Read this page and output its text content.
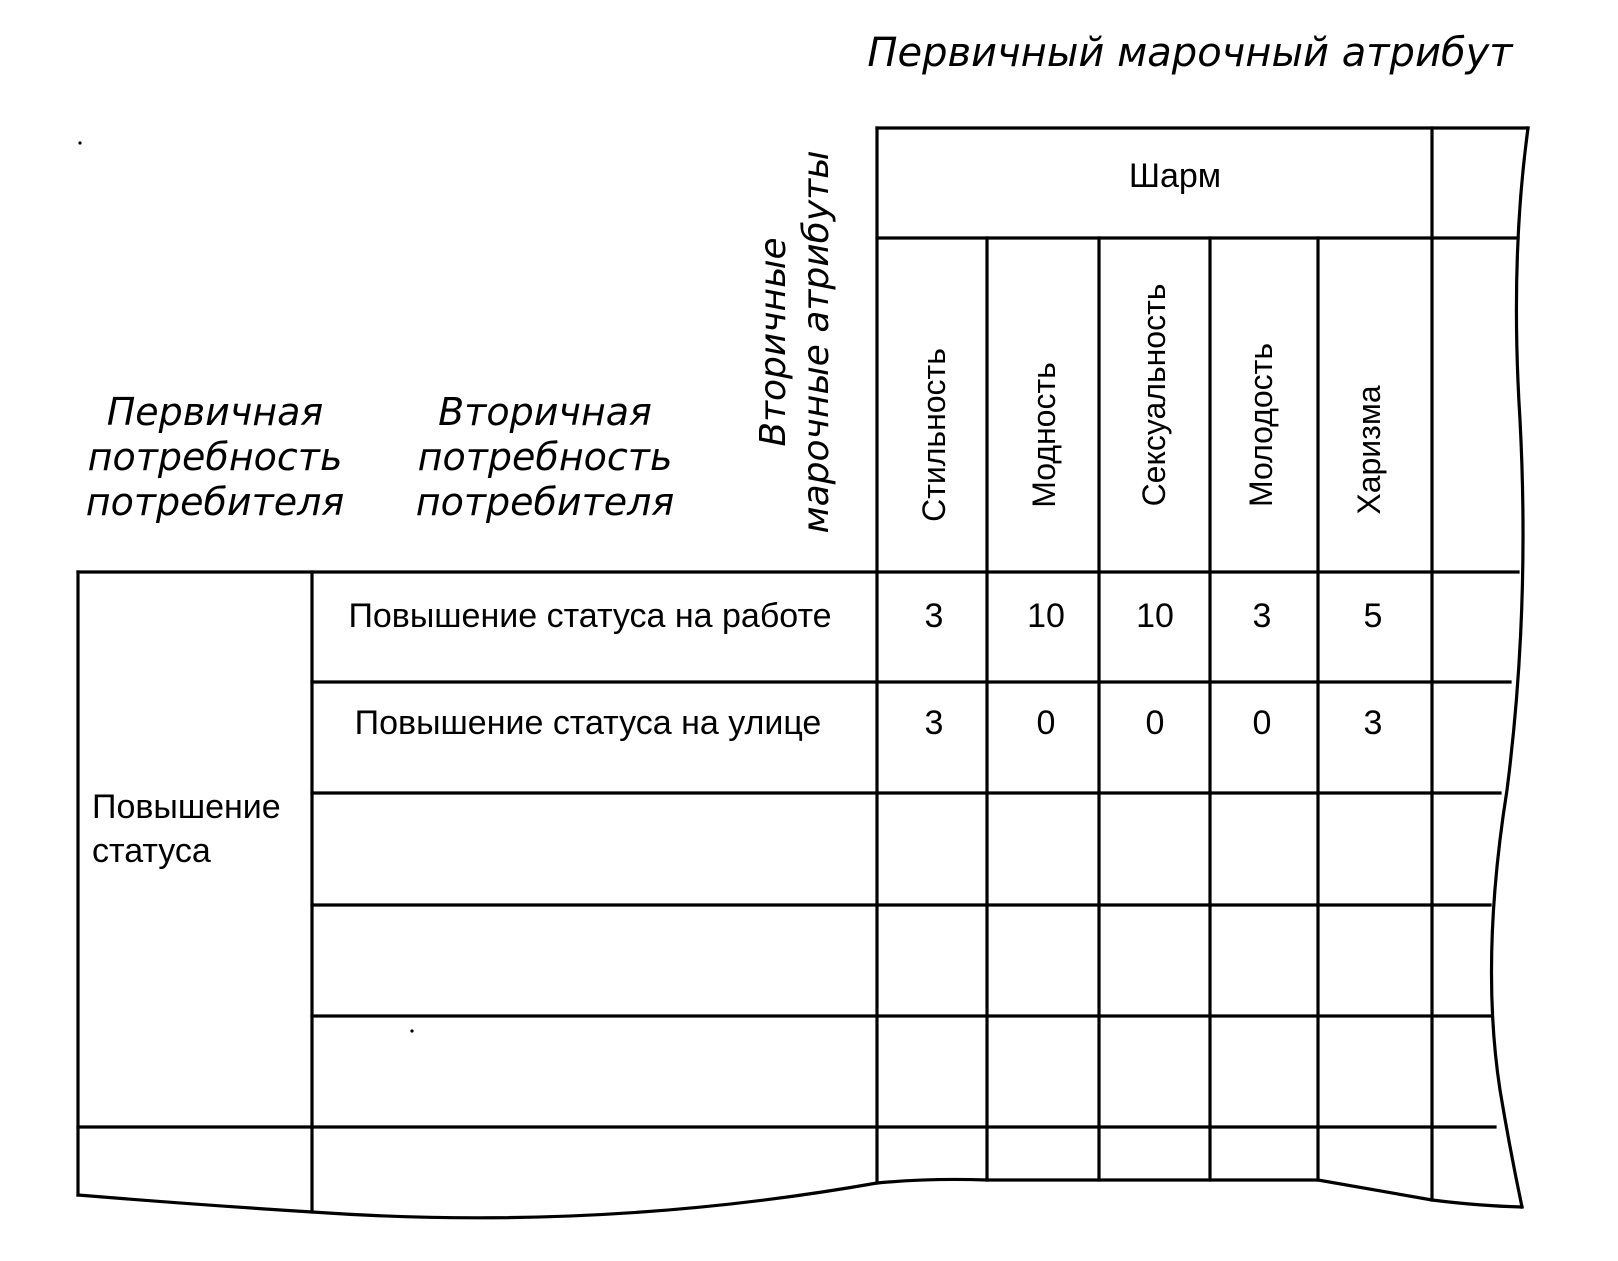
Первичный марочный атрибут
Первичная
потребность
потребителя
Вторичная
потребность
потребителя
Вторичные марочные атрибуты	Шарм
Стильность Модность Сексуальность Молодость Харизма
Повышение
статуса
Повышение статуса на работе	3 10 10 3	5
Повышение статуса на улице	3	0	0	0	3
